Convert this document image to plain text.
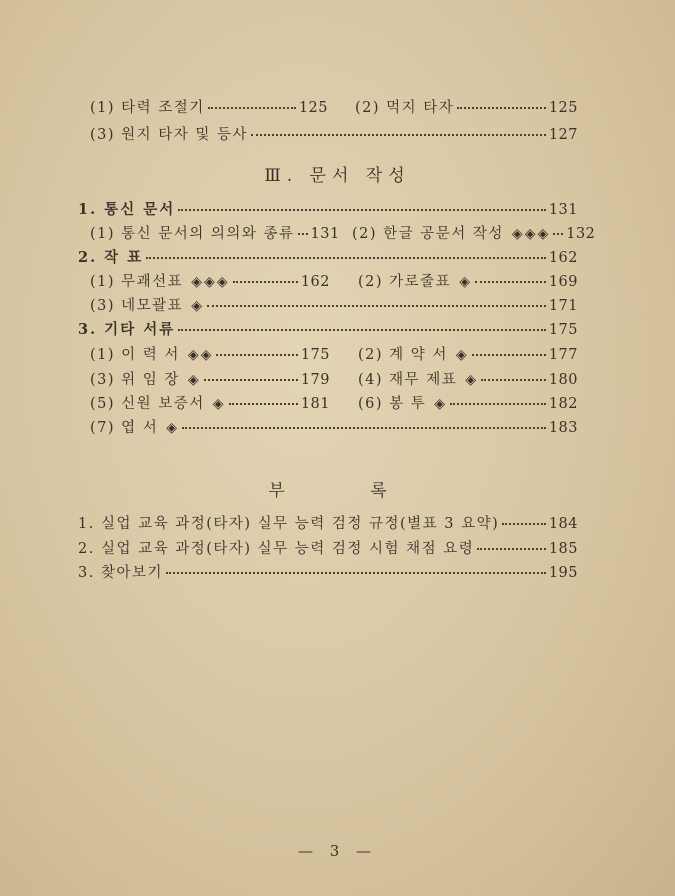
(1) 타력 조절기	125 (2) 먹지 타자	125
(3) 원지 타자 및 등사	127
Ⅲ. 문서 작성
1. 통신 문서	131
(1) 통신 문서의 의의와 종류 131 (2) 한글 공문서 작성 ◈◈◈ 132
2. 작 표	162
(1) 무괘선표 ◈◈◈	162 (2) 가로줄표 ◈	169
(3) 네모괄표 ◈	171
3. 기타 서류	175
(1) 이 력 서 ◈◈	175 (2) 계 약 서 ◈	177
(3) 위 임 장 ◈	179 (4) 재무 제표 ◈	180
(5) 신원 보증서 ◈	181 (6) 봉 투 ◈	182
(7) 엽 서 ◈	183
부 록
1. 실업 교육 과정(타자) 실무 능력 검정 규정(별표 3 요약)	184
2. 실업 교육 과정(타자) 실무 능력 검정 시험 채점 요령	185
3. 찾아보기	195
— 3 —
